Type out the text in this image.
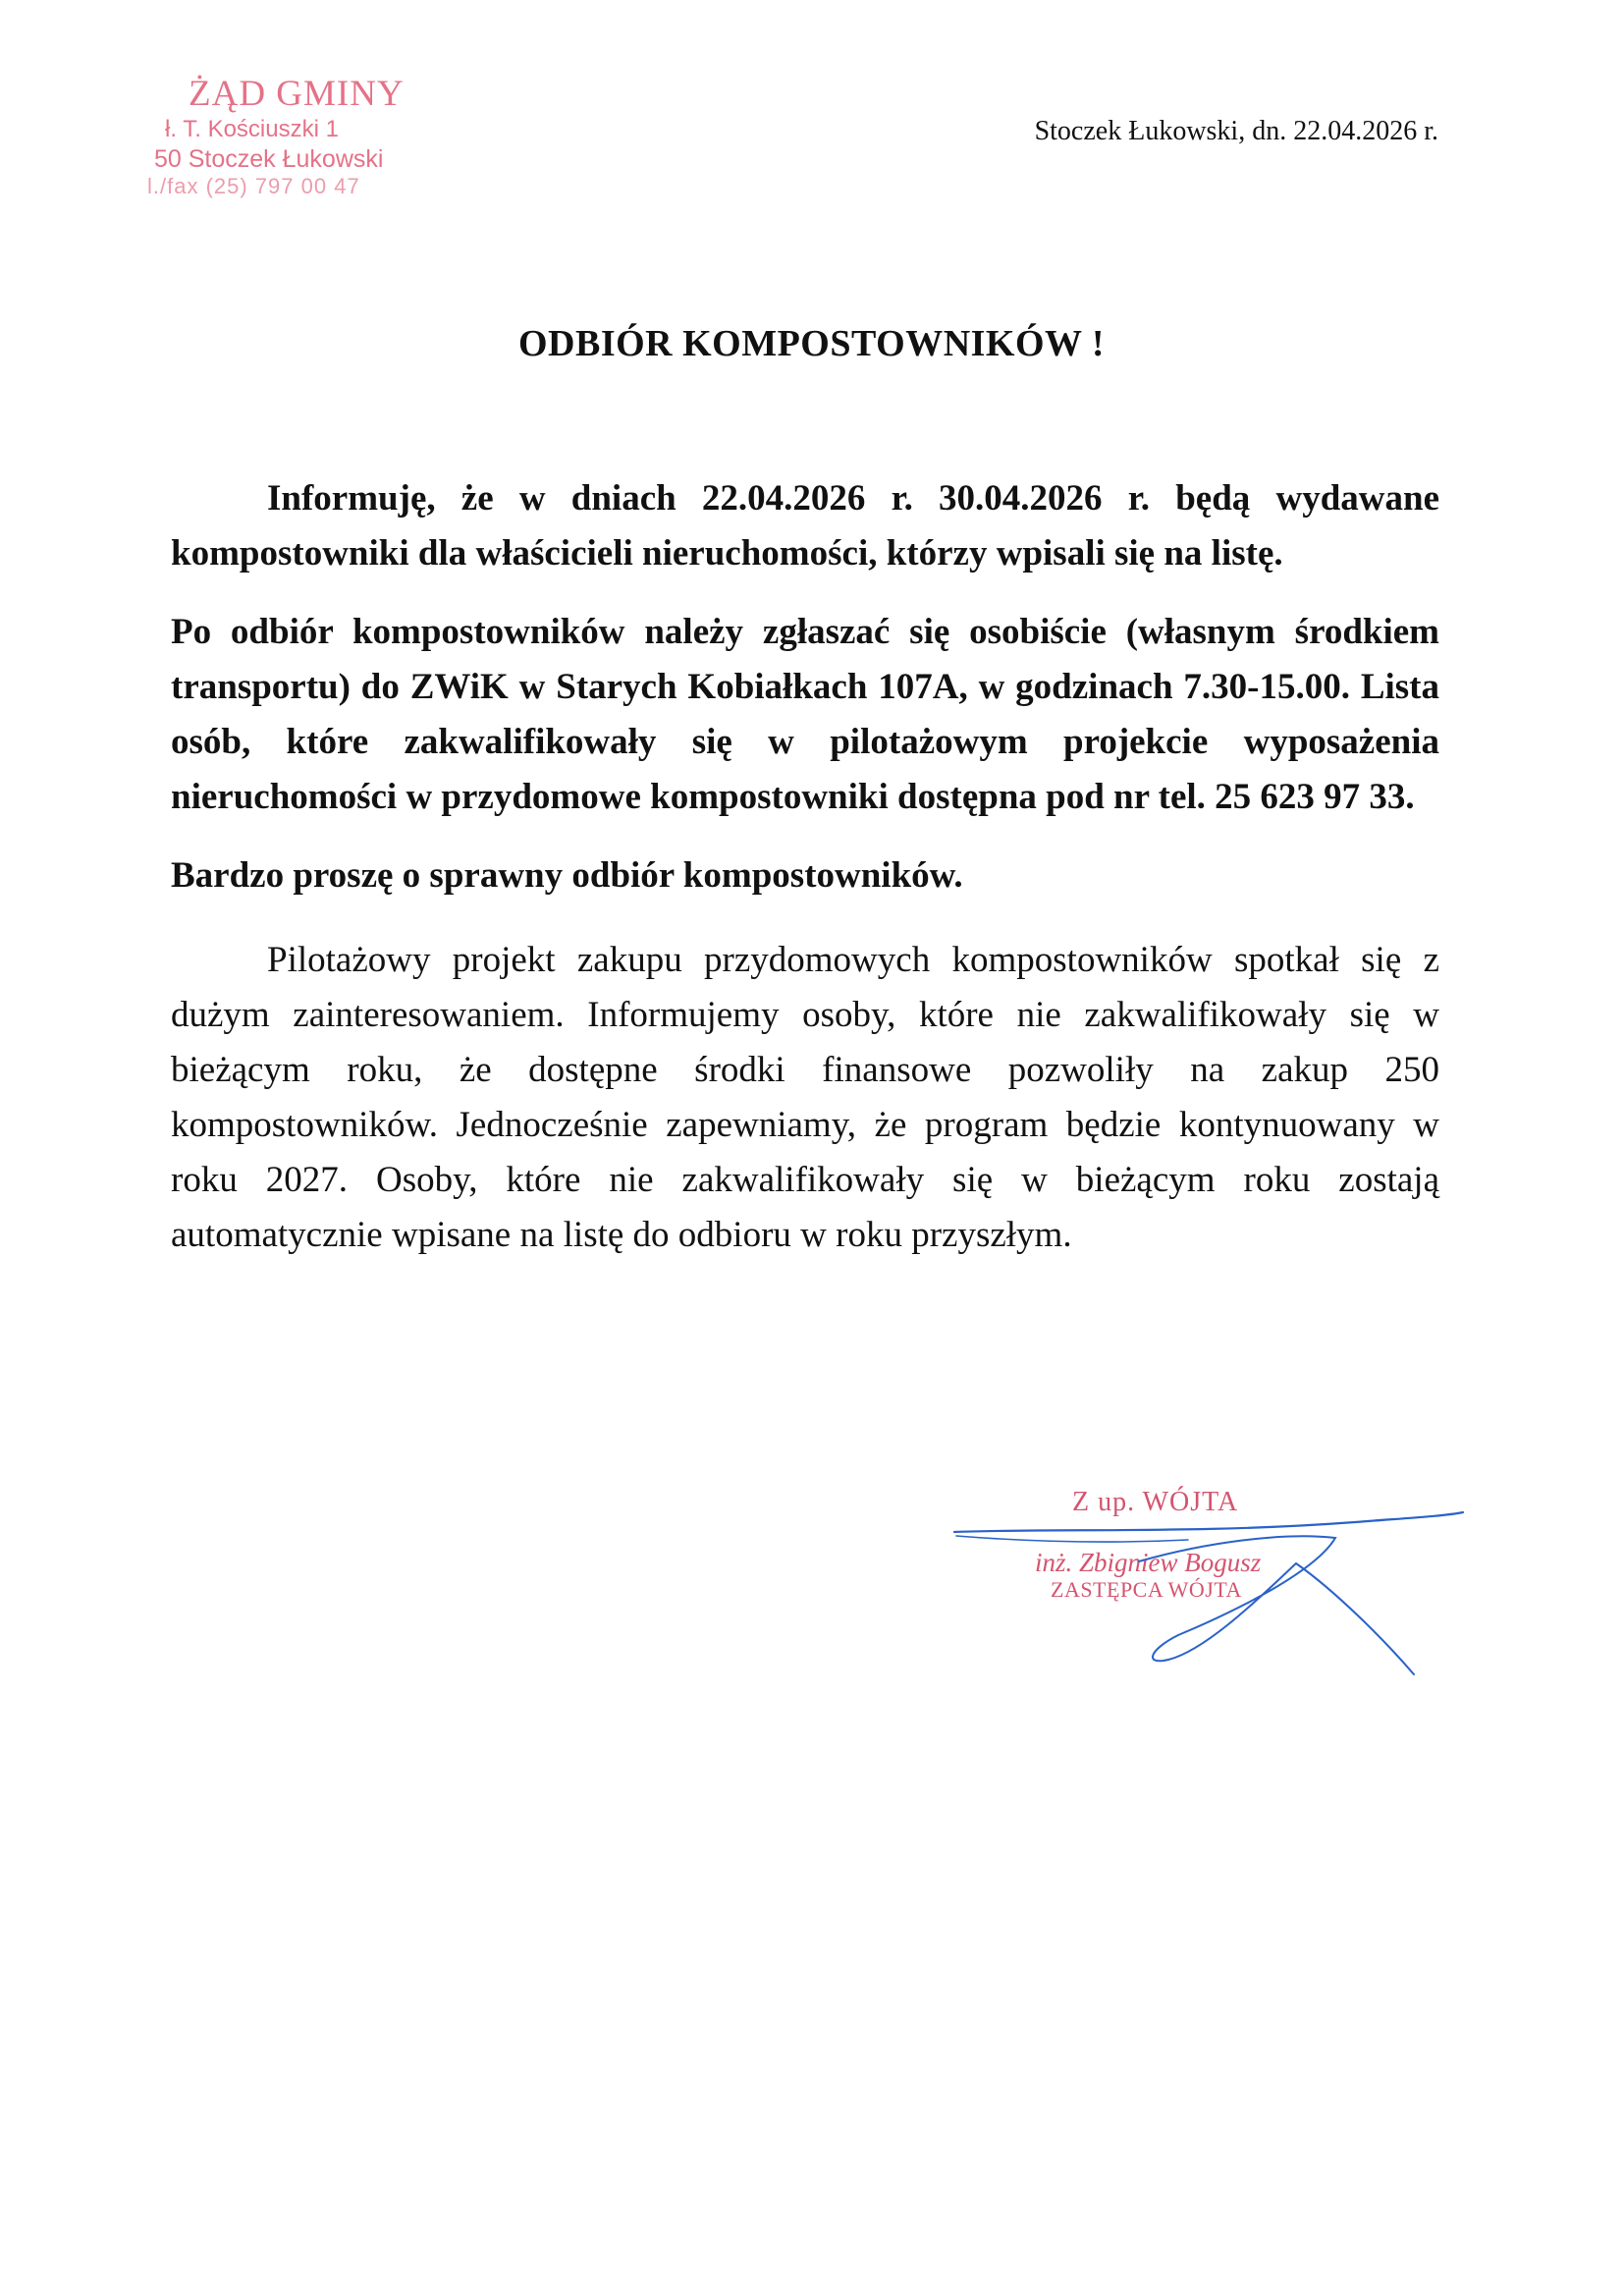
ŻĄD GMINY
ł. T. Kościuszki 1
50 Stoczek Łukowski
l./fax (25) 797 00 47
Stoczek Łukowski, dn. 22.04.2026 r.
ODBIÓR KOMPOSTOWNIKÓW !

Informuję, że w dniach 22.04.2026 r. 30.04.2026 r. będą wydawane kompostowniki dla właścicieli nieruchomości, którzy wpisali się na listę.

Po odbiór kompostowników należy zgłaszać się osobiście (własnym środkiem transportu) do ZWiK w Starych Kobiałkach 107A, w godzinach 7.30-15.00. Lista osób, które zakwalifikowały się w pilotażowym projekcie wyposażenia nieruchomości w przydomowe kompostowniki dostępna pod nr tel. 25 623 97 33.

Bardzo proszę o sprawny odbiór kompostowników.

Pilotażowy projekt zakupu przydomowych kompostowników spotkał się z dużym zainteresowaniem. Informujemy osoby, które nie zakwalifikowały się w bieżącym roku, że dostępne środki finansowe pozwoliły na zakup 250 kompostowników. Jednocześnie zapewniamy, że program będzie kontynuowany w roku 2027. Osoby, które nie zakwalifikowały się w bieżącym roku zostają automatycznie wpisane na listę do odbioru w roku przyszłym.

Z up. WÓJTA
inż. Zbigniew Bogusz
ZASTĘPCA WÓJTA
